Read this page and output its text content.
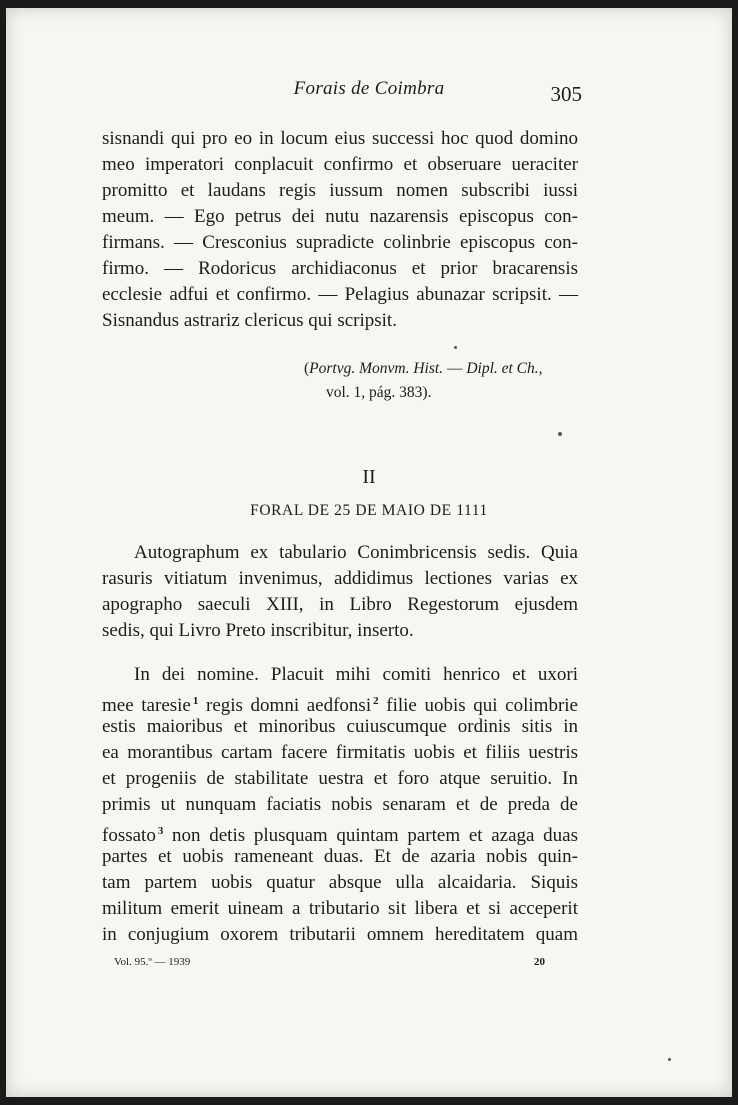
Forais de Coimbra	305
sisnandi qui pro eo in locum eius successi hoc quod domino
meo imperatori conplacuit confirmo et obseruare ueraciter
promitto et laudans regis iussum nomen subscribi iussi
meum. — Ego petrus dei nutu nazarensis episcopus con-
firmans. — Cresconius supradicte colinbrie episcopus con-
firmo. — Rodoricus archidiaconus et prior bracarensis
ecclesie adfui et confirmo. — Pelagius abunazar scripsit. —
Sisnandus astrariz clericus qui scripsit.
(Portvg. Monvm. Hist. — Dipl. et Ch.,
vol. 1, pág. 383).
II
FORAL DE 25 DE MAIO DE 1111
Autographum ex tabulario Conimbricensis sedis. Quia
rasuris vitiatum invenimus, addidimus lectiones varias ex
apographo saeculi XIII, in Libro Regestorum ejusdem
sedis, qui Livro Preto inscribitur, inserto.
In dei nomine. Placuit mihi comiti henrico et uxori
mee taresie $^1$ regis domni aedfonsi $^2$ filie uobis qui colimbrie
estis maioribus et minoribus cuiuscumque ordinis sitis in
ea morantibus cartam facere firmitatis uobis et filiis uestris
et progeniis de stabilitate uestra et foro atque seruitio. In
primis ut nunquam faciatis nobis senaram et de preda de
fossato $^3$ non detis plusquam quintam partem et azaga duas
partes et uobis rameneant duas. Et de azaria nobis quin-
tam partem uobis quatur absque ulla alcaidaria. Siquis
militum emerit uineam a tributario sit libera et si acceperit
in conjugium oxorem tributarii omnem hereditatem quam
Vol. 95.º — 1939	20
